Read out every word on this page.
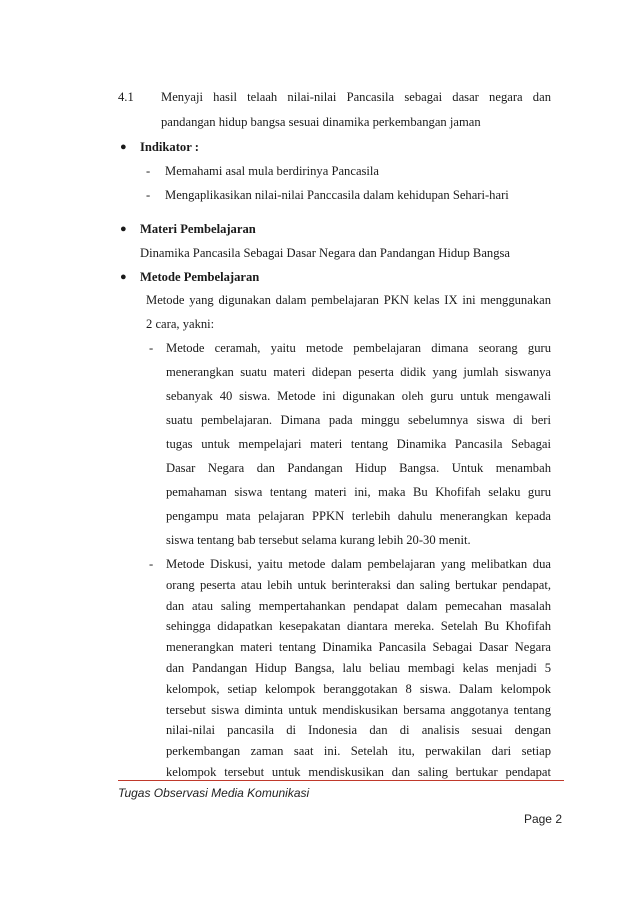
4.1 Menyaji hasil telaah nilai-nilai Pancasila sebagai dasar negara dan
pandangan hidup bangsa sesuai dinamika perkembangan jaman
● Indikator :
- Memahami asal mula berdirinya Pancasila
- Mengaplikasikan nilai-nilai Panccasila dalam kehidupan Sehari-hari
● Materi Pembelajaran
Dinamika Pancasila Sebagai Dasar Negara dan Pandangan Hidup Bangsa
● Metode Pembelajaran
Metode yang digunakan dalam pembelajaran PKN kelas IX ini menggunakan
2 cara, yakni:
- Metode ceramah, yaitu metode pembelajaran dimana seorang guru
menerangkan suatu materi didepan peserta didik yang jumlah siswanya
sebanyak 40 siswa. Metode ini digunakan oleh guru untuk mengawali
suatu pembelajaran. Dimana pada minggu sebelumnya siswa di beri
tugas untuk mempelajari materi tentang Dinamika Pancasila Sebagai
Dasar Negara dan Pandangan Hidup Bangsa. Untuk menambah
pemahaman siswa tentang materi ini, maka Bu Khofifah selaku guru
pengampu mata pelajaran PPKN terlebih dahulu menerangkan kepada
siswa tentang bab tersebut selama kurang lebih 20-30 menit.
- Metode Diskusi, yaitu metode dalam pembelajaran yang melibatkan dua
orang peserta atau lebih untuk berinteraksi dan saling bertukar pendapat,
dan atau saling mempertahankan pendapat dalam pemecahan masalah
sehingga didapatkan kesepakatan diantara mereka. Setelah Bu Khofifah
menerangkan materi tentang Dinamika Pancasila Sebagai Dasar Negara
dan Pandangan Hidup Bangsa, lalu beliau membagi kelas menjadi 5
kelompok, setiap kelompok beranggotakan 8 siswa. Dalam kelompok
tersebut siswa diminta untuk mendiskusikan bersama anggotanya tentang
nilai-nilai pancasila di Indonesia dan di analisis sesuai dengan
Tugas Observasi Media Komunikasi
Page 2
perkembangan zaman saat ini. Setelah itu, perwakilan dari setiap
kelompok tersebut untuk mendiskusikan dan saling bertukar pendapat
